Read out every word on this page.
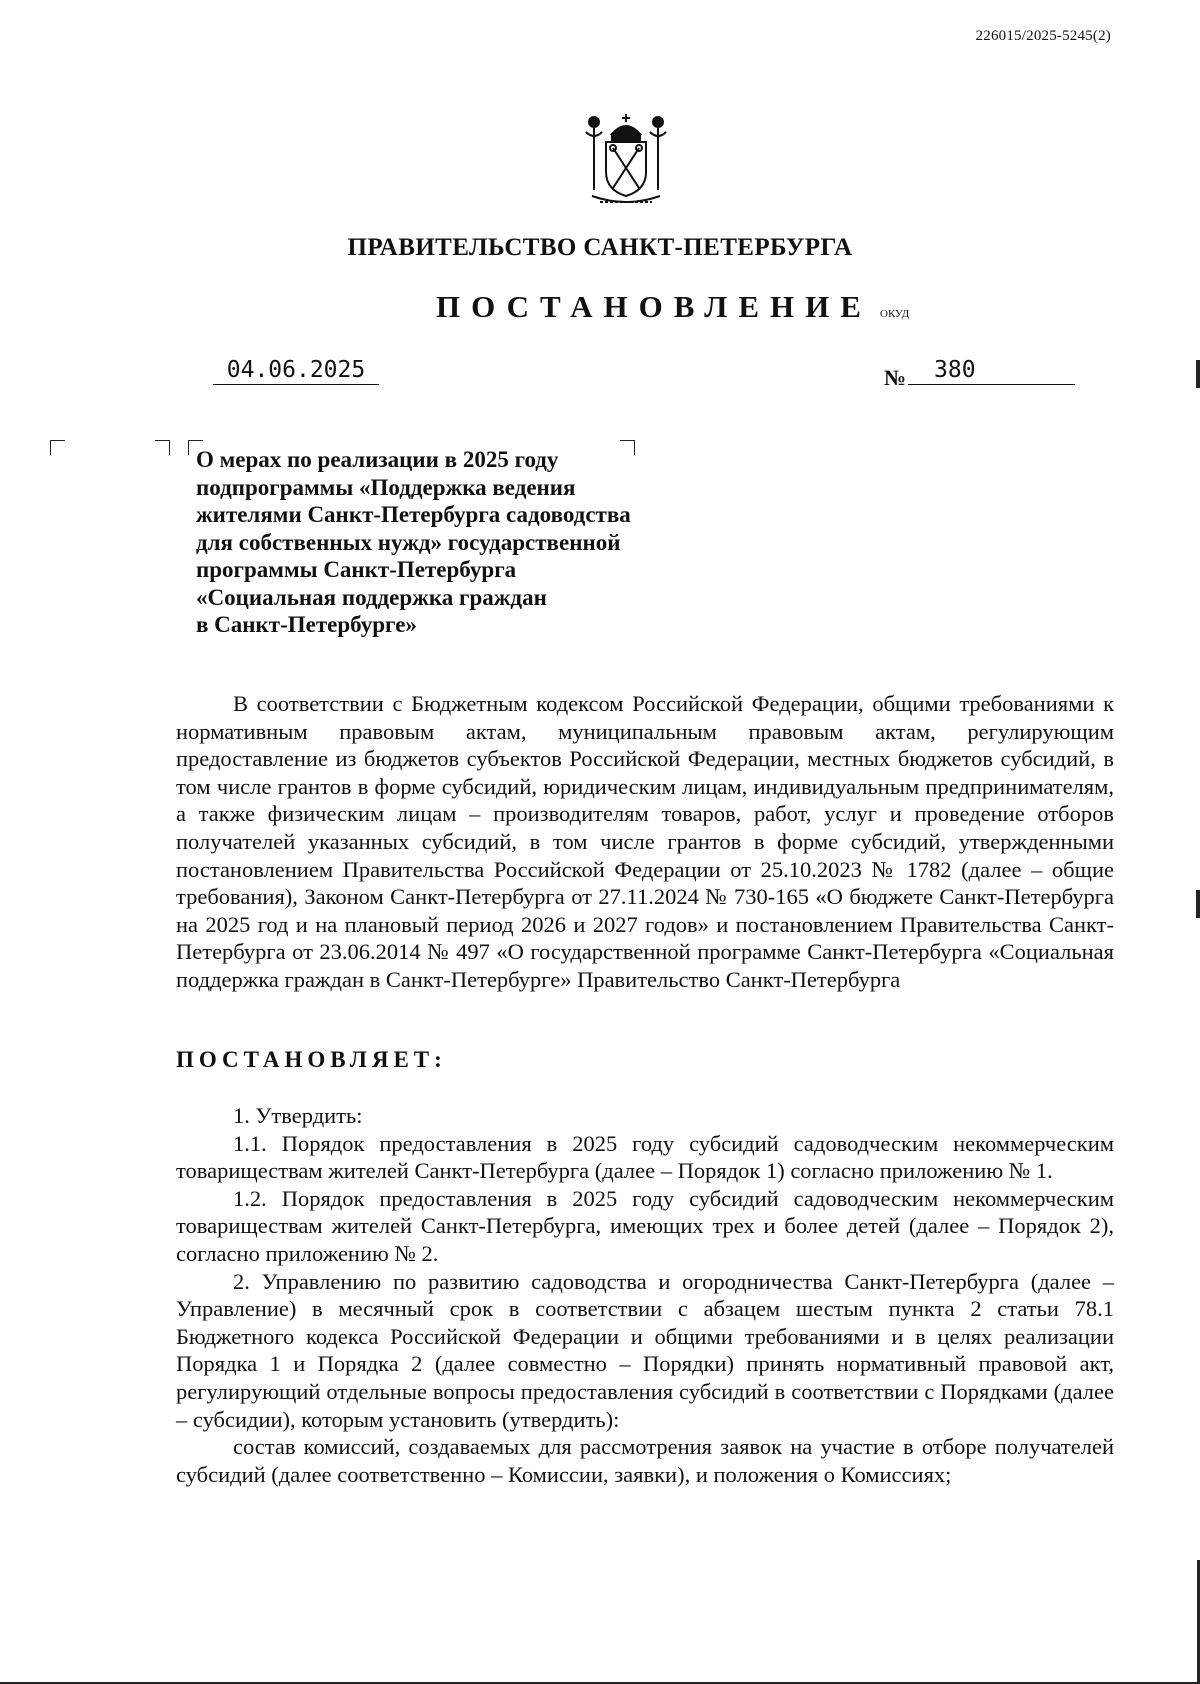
226015/2025-5245(2)
ПРАВИТЕЛЬСТВО САНКТ-ПЕТЕРБУРГА
ПОСТАНОВЛЕНИЕ ОКУД
04.06.2025	№	380
О мерах по реализации в 2025 году
подпрограммы «Поддержка ведения
жителями Санкт-Петербурга садоводства
для собственных нужд» государственной
программы Санкт-Петербурга
«Социальная поддержка граждан
в Санкт-Петербурге»

В соответствии с Бюджетным кодексом Российской Федерации, общими требованиями к нормативным правовым актам, муниципальным правовым актам, регулирующим предоставление из бюджетов субъектов Российской Федерации, местных бюджетов субсидий, в том числе грантов в форме субсидий, юридическим лицам, индивидуальным предпринимателям, а также физическим лицам – производителям товаров, работ, услуг и проведение отборов получателей указанных субсидий, в том числе грантов в форме субсидий, утвержденными постановлением Правительства Российской Федерации от 25.10.2023 № 1782 (далее – общие требования), Законом Санкт-Петербурга от 27.11.2024 № 730-165 «О бюджете Санкт-Петербурга на 2025 год и на плановый период 2026 и 2027 годов» и постановлением Правительства Санкт-Петербурга от 23.06.2014 № 497 «О государственной программе Санкт-Петербурга «Социальная поддержка граждан в Санкт-Петербурге» Правительство Санкт-Петербурга

ПОСТАНОВЛЯЕТ:

1. Утвердить:

1.1. Порядок предоставления в 2025 году субсидий садоводческим некоммерческим товариществам жителей Санкт-Петербурга (далее – Порядок 1) согласно приложению № 1.

1.2. Порядок предоставления в 2025 году субсидий садоводческим некоммерческим товариществам жителей Санкт-Петербурга, имеющих трех и более детей (далее – Порядок 2), согласно приложению № 2.

2. Управлению по развитию садоводства и огородничества Санкт-Петербурга (далее – Управление) в месячный срок в соответствии с абзацем шестым пункта 2 статьи 78.1 Бюджетного кодекса Российской Федерации и общими требованиями и в целях реализации Порядка 1 и Порядка 2 (далее совместно – Порядки) принять нормативный правовой акт, регулирующий отдельные вопросы предоставления субсидий в соответствии с Порядками (далее – субсидии), которым установить (утвердить):

состав комиссий, создаваемых для рассмотрения заявок на участие в отборе получателей субсидий (далее соответственно – Комиссии, заявки), и положения о Комиссиях;
